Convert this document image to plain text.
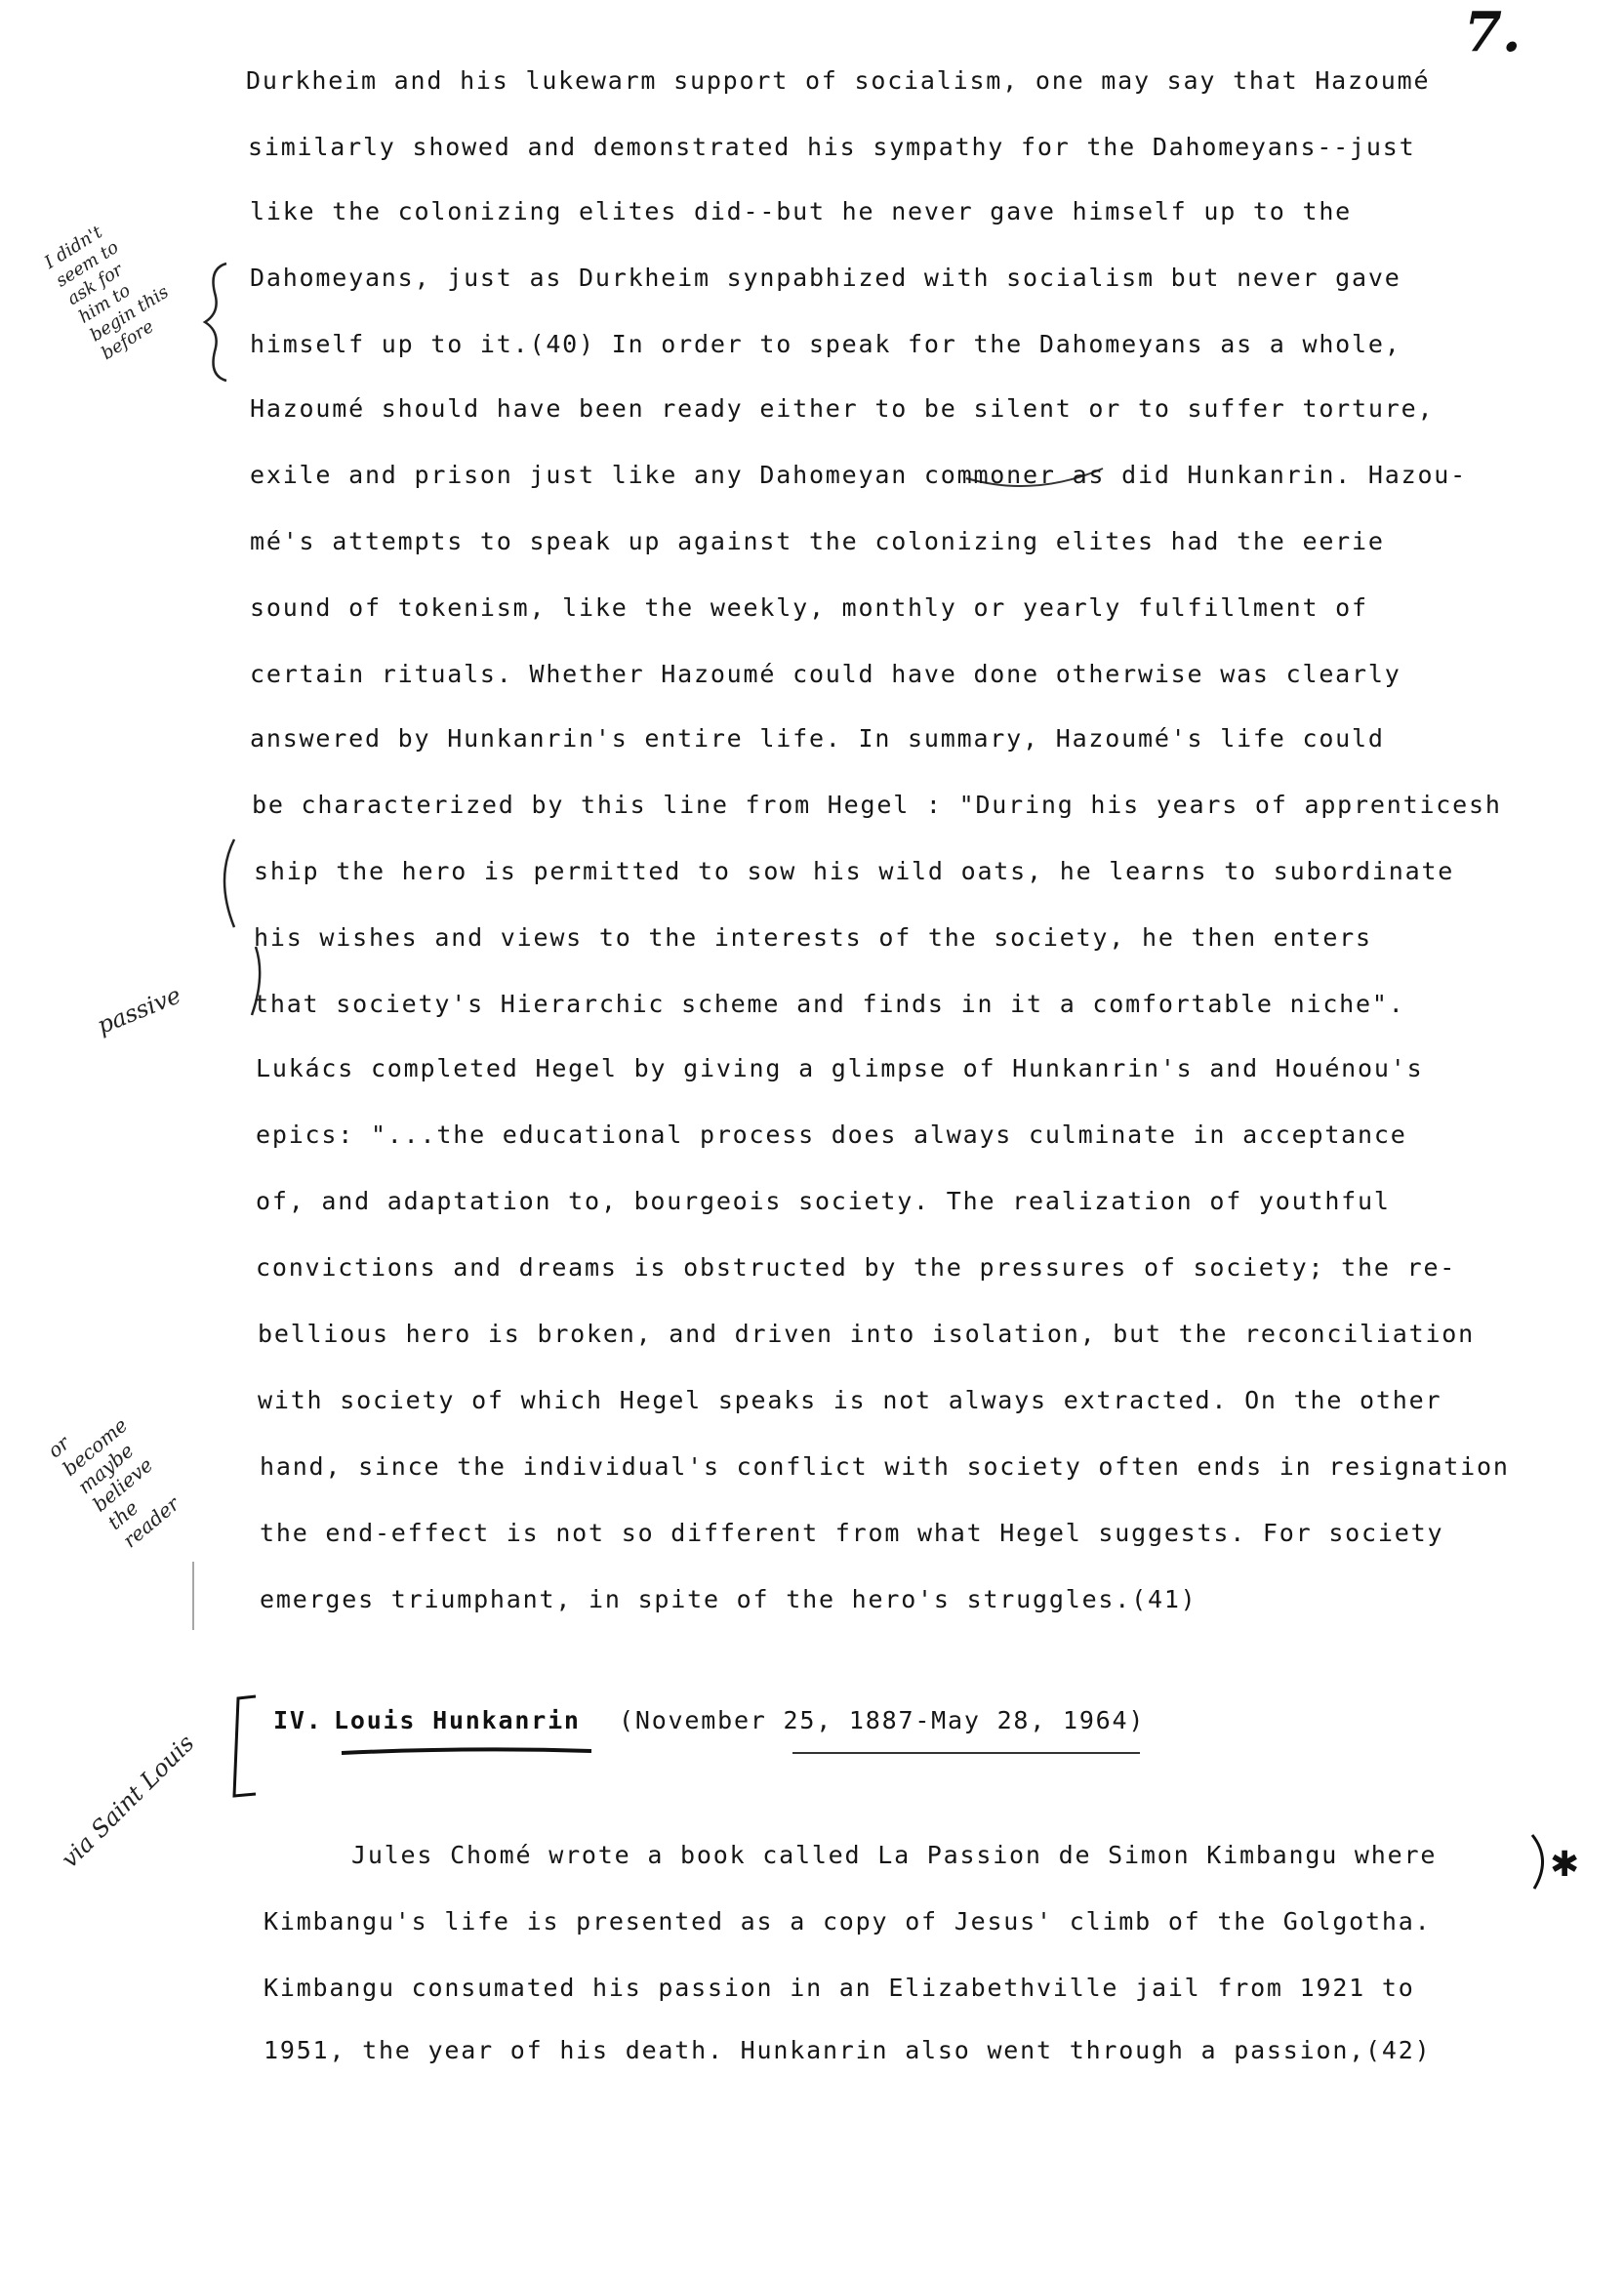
7.
✱
I didn't
seem to
ask for
him to
begin this
before
passive
or
become
maybe
believe
the
reader
via Saint Louis
Durkheim and his lukewarm support of socialism, one may say that Hazoumé
similarly showed and demonstrated his sympathy for the Dahomeyans--just
like the colonizing elites did--but he never gave himself up to the
Dahomeyans, just as Durkheim synpabhized with socialism but never gave
himself up to it.(40) In order to speak for the Dahomeyans as a whole,
Hazoumé should have been ready either to be silent or to suffer torture,
exile and prison just like any Dahomeyan commoner as did Hunkanrin. Hazou-
mé's attempts to speak up against the colonizing elites had the eerie
sound of tokenism, like the weekly, monthly or yearly fulfillment of
certain rituals. Whether Hazoumé could have done otherwise was clearly
answered by Hunkanrin's entire life. In summary, Hazoumé's life could
be characterized by this line from Hegel : "During his years of apprenticesh
ship the hero is permitted to sow his wild oats, he learns to subordinate
his wishes and views to the interests of the society, he then enters
that society's Hierarchic scheme and finds in it a comfortable niche".
Lukács completed Hegel by giving a glimpse of Hunkanrin's and Houénou's
epics: "...the educational process does always culminate in acceptance
of, and adaptation to, bourgeois society. The realization of youthful
convictions and dreams is obstructed by the pressures of society; the re-
bellious hero is broken, and driven into isolation, but the reconciliation
with society of which Hegel speaks is not always extracted. On the other
hand, since the individual's conflict with society often ends in resignation
the end-effect is not so different from what Hegel suggests. For society
emerges triumphant, in spite of the hero's struggles.(41)
IV. Louis Hunkanrin (November 25, 1887-May 28, 1964)
Jules Chomé wrote a book called La Passion de Simon Kimbangu where
Kimbangu's life is presented as a copy of Jesus' climb of the Golgotha.
Kimbangu consumated his passion in an Elizabethville jail from 1921 to
1951, the year of his death. Hunkanrin also went through a passion,(42)
